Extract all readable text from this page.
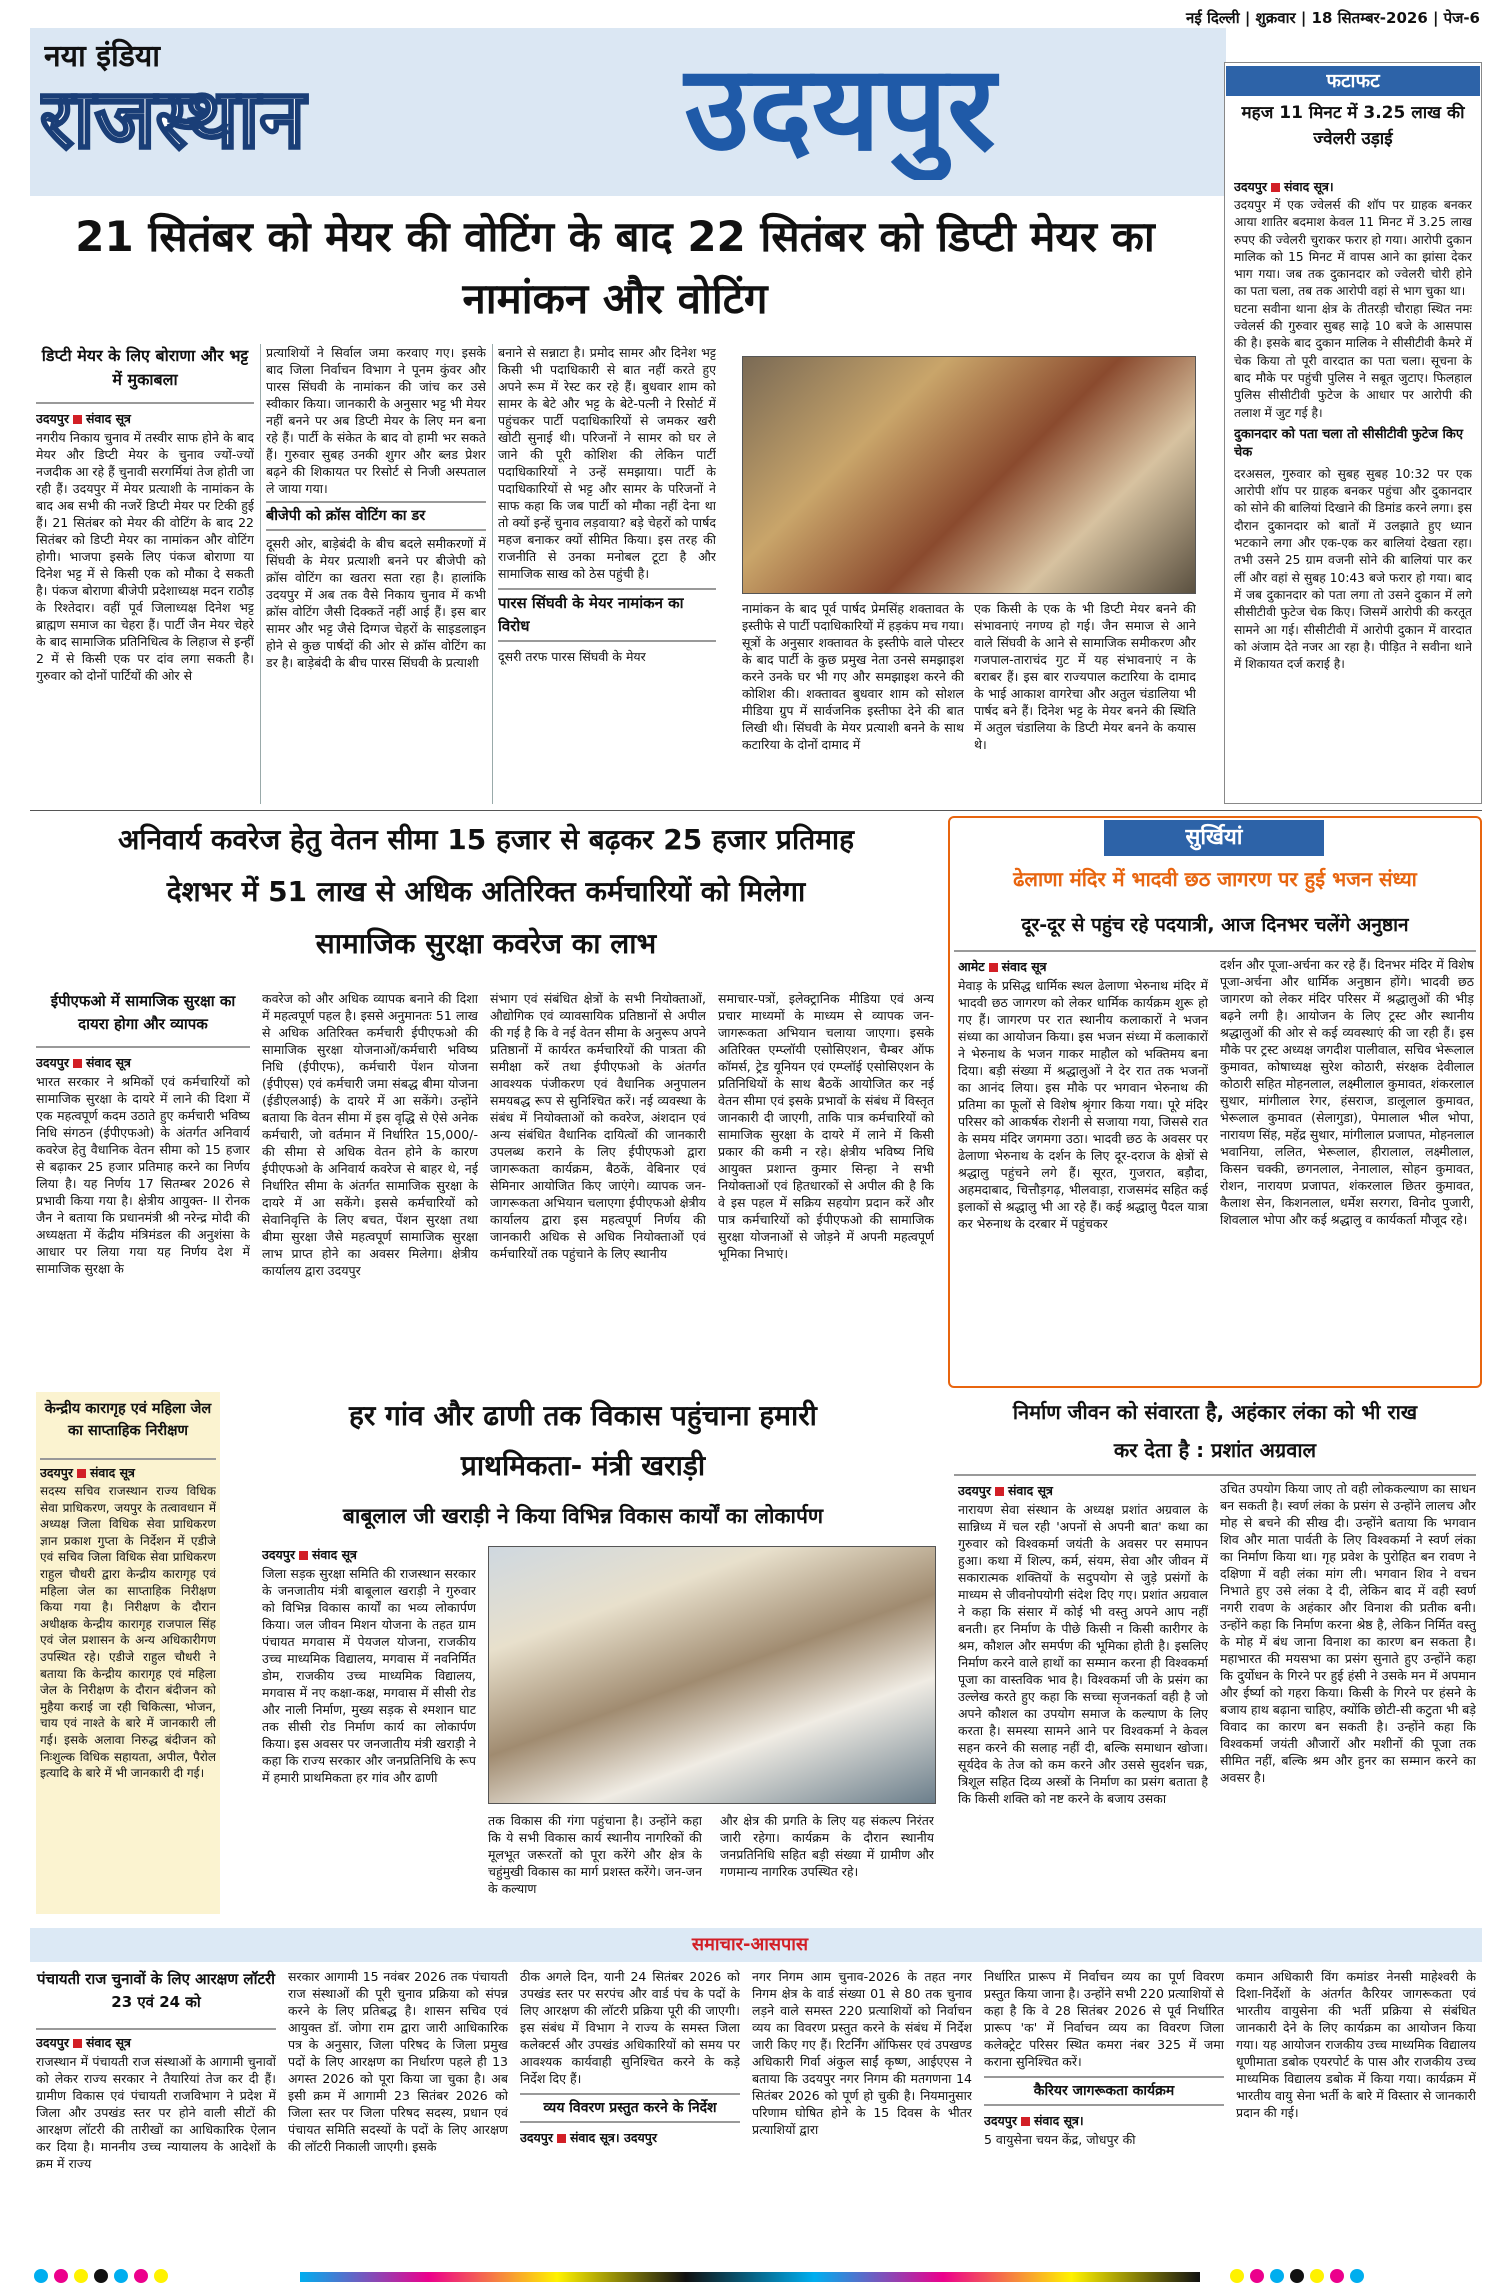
नई दिल्ली | शुक्रवार | 18 सितम्बर-2026 | पेज-6
नया इंडिया
राजस्थान	उदयपुर	फटाफट
महज 11 मिनट में 3.25 लाख की ज्वेलरी उड़ाई
उदयपुर संवाद सूत्र।
उदयपुर में एक ज्वेलर्स की शॉप पर ग्राहक बनकर आया शातिर बदमाश केवल 11 मिनट में 3.25 लाख रुपए की ज्वेलरी चुराकर फरार हो गया। आरोपी दुकान मालिक को 15 मिनट में वापस आने का झांसा देकर भाग गया। जब तक दुकानदार को ज्वेलरी चोरी होने का पता चला, तब तक आरोपी वहां से भाग चुका था।
घटना सवीना थाना क्षेत्र के तीतरड़ी चौराहा स्थित नमः ज्वेलर्स की गुरुवार सुबह साढ़े 10 बजे के आसपास की है। इसके बाद दुकान मालिक ने सीसीटीवी कैमरे में चेक किया तो पूरी वारदात का पता चला। सूचना के बाद मौके पर पहुंची पुलिस ने सबूत जुटाए। फिलहाल पुलिस सीसीटीवी फुटेज के आधार पर आरोपी की तलाश में जुट गई है।
दुकानदार को पता चला तो सीसीटीवी फुटेज किए चेक
दरअसल, गुरुवार को सुबह सुबह 10:32 पर एक आरोपी शॉप पर ग्राहक बनकर पहुंचा और दुकानदार को सोने की बालियां दिखाने की डिमांड करने लगा। इस दौरान दुकानदार को बातों में उलझाते हुए ध्यान भटकाने लगा और एक-एक कर बालियां देखता रहा। तभी उसने 25 ग्राम वजनी सोने की बालियां पार कर लीं और वहां से सुबह 10:43 बजे फरार हो गया। बाद में जब दुकानदार को पता लगा तो उसने दुकान में लगे सीसीटीवी फुटेज चेक किए। जिसमें आरोपी की करतूत सामने आ गई। सीसीटीवी में आरोपी दुकान में वारदात को अंजाम देते नजर आ रहा है। पीड़ित ने सवीना थाने में शिकायत दर्ज कराई है।
21 सितंबर को मेयर की वोटिंग के बाद 22 सितंबर को डिप्टी मेयर का नामांकन और वोटिंग
डिप्टी मेयर के लिए बोराणा और भट्ट में मुकाबला
उदयपुर संवाद सूत्र
नगरीय निकाय चुनाव में तस्वीर साफ होने के बाद मेयर और डिप्टी मेयर के चुनाव ज्यों-ज्यों नजदीक आ रहे हैं चुनावी सरगर्मियां तेज होती जा रही हैं। उदयपुर में मेयर प्रत्याशी के नामांकन के बाद अब सभी की नजरें डिप्टी मेयर पर टिकी हुई हैं। 21 सितंबर को मेयर की वोटिंग के बाद 22 सितंबर को डिप्टी मेयर का नामांकन और वोटिंग होगी। भाजपा इसके लिए पंकज बोराणा या दिनेश भट्ट में से किसी एक को मौका दे सकती है। पंकज बोराणा बीजेपी प्रदेशाध्यक्ष मदन राठौड़ के रिश्तेदार। वहीं पूर्व जिलाध्यक्ष दिनेश भट्ट ब्राह्मण समाज का चेहरा हैं। पार्टी जैन मेयर चेहरे के बाद सामाजिक प्रतिनिधित्व के लिहाज से इन्हीं 2 में से किसी एक पर दांव लगा सकती है। गुरुवार को दोनों पार्टियों की ओर से
प्रत्याशियों ने सिर्वाल जमा करवाए गए। इसके बाद जिला निर्वाचन विभाग ने पूनम कुंवर और पारस सिंघवी के नामांकन की जांच कर उसे स्वीकार किया। जानकारी के अनुसार भट्ट भी मेयर नहीं बनने पर अब डिप्टी मेयर के लिए मन बना रहे हैं। पार्टी के संकेत के बाद वो हामी भर सकते हैं। गुरुवार सुबह उनकी शुगर और ब्लड प्रेशर बढ़ने की शिकायत पर रिसोर्ट से निजी अस्पताल ले जाया गया।
बीजेपी को क्रॉस वोटिंग का डर
दूसरी ओर, बाड़ेबंदी के बीच बदले समीकरणों में सिंघवी के मेयर प्रत्याशी बनने पर बीजेपी को क्रॉस वोटिंग का खतरा सता रहा है। हालांकि उदयपुर में अब तक वैसे निकाय चुनाव में कभी क्रॉस वोटिंग जैसी दिक्कतें नहीं आई हैं। इस बार सामर और भट्ट जैसे दिग्गज चेहरों के साइडलाइन होने से कुछ पार्षदों की ओर से क्रॉस वोटिंग का डर है। बाड़ेबंदी के बीच पारस सिंघवी के प्रत्याशी
बनाने से सन्नाटा है। प्रमोद सामर और दिनेश भट्ट किसी भी पदाधिकारी से बात नहीं करते हुए अपने रूम में रेस्ट कर रहे हैं। बुधवार शाम को सामर के बेटे और भट्ट के बेटे-पत्नी ने रिसोर्ट में पहुंचकर पार्टी पदाधिकारियों से जमकर खरी खोटी सुनाई थी। परिजनों ने सामर को घर ले जाने की पूरी कोशिश की लेकिन पार्टी पदाधिकारियों ने उन्हें समझाया। पार्टी के पदाधिकारियों से भट्ट और सामर के परिजनों ने साफ कहा कि जब पार्टी को मौका नहीं देना था तो क्यों इन्हें चुनाव लड़वाया? बड़े चेहरों को पार्षद महज बनाकर क्यों सीमित किया। इस तरह की राजनीति से उनका मनोबल टूटा है और सामाजिक साख को ठेस पहुंची है।
पारस सिंघवी के मेयर नामांकन का विरोध
दूसरी तरफ पारस सिंघवी के मेयर
नामांकन के बाद पूर्व पार्षद प्रेमसिंह शक्तावत के इस्तीफे से पार्टी पदाधिकारियों में हड़कंप मच गया। सूत्रों के अनुसार शक्तावत के इस्तीफे वाले पोस्टर के बाद पार्टी के कुछ प्रमुख नेता उनसे समझाइश करने उनके घर भी गए और समझाइश करने की कोशिश की। शक्तावत बुधवार शाम को सोशल मीडिया ग्रुप में सार्वजनिक इस्तीफा देने की बात लिखी थी। सिंघवी के मेयर प्रत्याशी बनने के साथ कटारिया के दोनों दामाद में
एक किसी के एक के भी डिप्टी मेयर बनने की संभावनाएं नगण्य हो गई। जैन समाज से आने वाले सिंघवी के आने से सामाजिक समीकरण और गजपाल-ताराचंद गुट में यह संभावनाएं न के बराबर हैं। इस बार राज्यपाल कटारिया के दामाद के भाई आकाश वागरेचा और अतुल चंडालिया भी पार्षद बने हैं। दिनेश भट्ट के मेयर बनने की स्थिति में अतुल चंडालिया के डिप्टी मेयर बनने के कयास थे।
अनिवार्य कवरेज हेतु वेतन सीमा 15 हजार से बढ़कर 25 हजार प्रतिमाह
देशभर में 51 लाख से अधिक अतिरिक्त कर्मचारियों को मिलेगा
सामाजिक सुरक्षा कवरेज का लाभ
ईपीएफओ में सामाजिक सुरक्षा का दायरा होगा और व्यापक
उदयपुर संवाद सूत्र
भारत सरकार ने श्रमिकों एवं कर्मचारियों को सामाजिक सुरक्षा के दायरे में लाने की दिशा में एक महत्वपूर्ण कदम उठाते हुए कर्मचारी भविष्य निधि संगठन (ईपीएफओ) के अंतर्गत अनिवार्य कवरेज हेतु वैधानिक वेतन सीमा को 15 हजार से बढ़ाकर 25 हजार प्रतिमाह करने का निर्णय लिया है। यह निर्णय 17 सितम्बर 2026 से प्रभावी किया गया है। क्षेत्रीय आयुक्त- II रोनक जैन ने बताया कि प्रधानमंत्री श्री नरेन्द्र मोदी की अध्यक्षता में केंद्रीय मंत्रिमंडल की अनुशंसा के आधार पर लिया गया यह निर्णय देश में सामाजिक सुरक्षा के
कवरेज को और अधिक व्यापक बनाने की दिशा में महत्वपूर्ण पहल है। इससे अनुमानतः 51 लाख से अधिक अतिरिक्त कर्मचारी ईपीएफओ की सामाजिक सुरक्षा योजनाओं/कर्मचारी भविष्य निधि (ईपीएफ), कर्मचारी पेंशन योजना (ईपीएस) एवं कर्मचारी जमा संबद्ध बीमा योजना (ईडीएलआई) के दायरे में आ सकेंगे। उन्होंने बताया कि वेतन सीमा में इस वृद्धि से ऐसे अनेक कर्मचारी, जो वर्तमान में निर्धारित 15,000/- की सीमा से अधिक वेतन होने के कारण ईपीएफओ के अनिवार्य कवरेज से बाहर थे, नई निर्धारित सीमा के अंतर्गत सामाजिक सुरक्षा के दायरे में आ सकेंगे। इससे कर्मचारियों को सेवानिवृत्ति के लिए बचत, पेंशन सुरक्षा तथा बीमा सुरक्षा जैसे महत्वपूर्ण सामाजिक सुरक्षा लाभ प्राप्त होने का अवसर मिलेगा। क्षेत्रीय कार्यालय द्वारा उदयपुर
संभाग एवं संबंधित क्षेत्रों के सभी नियोक्ताओं, औद्योगिक एवं व्यावसायिक प्रतिष्ठानों से अपील की गई है कि वे नई वेतन सीमा के अनुरूप अपने प्रतिष्ठानों में कार्यरत कर्मचारियों की पात्रता की समीक्षा करें तथा ईपीएफओ के अंतर्गत आवश्यक पंजीकरण एवं वैधानिक अनुपालन समयबद्ध रूप से सुनिश्चित करें। नई व्यवस्था के संबंध में नियोक्ताओं को कवरेज, अंशदान एवं अन्य संबंधित वैधानिक दायित्वों की जानकारी उपलब्ध कराने के लिए ईपीएफओ द्वारा जागरूकता कार्यक्रम, बैठकें, वेबिनार एवं सेमिनार आयोजित किए जाएंगे। व्यापक जन-जागरूकता अभियान चलाएगा ईपीएफओ क्षेत्रीय कार्यालय द्वारा इस महत्वपूर्ण निर्णय की जानकारी अधिक से अधिक नियोक्ताओं एवं कर्मचारियों तक पहुंचाने के लिए स्थानीय
समाचार-पत्रों, इलेक्ट्रानिक मीडिया एवं अन्य प्रचार माध्यमों के माध्यम से व्यापक जन-जागरूकता अभियान चलाया जाएगा। इसके अतिरिक्त एम्प्लॉयी एसोसिएशन, चैम्बर ऑफ कॉमर्स, ट्रेड यूनियन एवं एम्प्लॉई एसोसिएशन के प्रतिनिधियों के साथ बैठकें आयोजित कर नई वेतन सीमा एवं इसके प्रभावों के संबंध में विस्तृत जानकारी दी जाएगी, ताकि पात्र कर्मचारियों को सामाजिक सुरक्षा के दायरे में लाने में किसी प्रकार की कमी न रहे। क्षेत्रीय भविष्य निधि आयुक्त प्रशान्त कुमार सिन्हा ने सभी नियोक्ताओं एवं हितधारकों से अपील की है कि वे इस पहल में सक्रिय सहयोग प्रदान करें और पात्र कर्मचारियों को ईपीएफओ की सामाजिक सुरक्षा योजनाओं से जोड़ने में अपनी महत्वपूर्ण भूमिका निभाएं।
सुर्खियां
ढेलाणा मंदिर में भादवी छठ जागरण पर हुई भजन संध्या
दूर-दूर से पहुंच रहे पदयात्री, आज दिनभर चलेंगे अनुष्ठान
आमेट संवाद सूत्र
मेवाड़ के प्रसिद्ध धार्मिक स्थल ढेलाणा भेरुनाथ मंदिर में भादवी छठ जागरण को लेकर धार्मिक कार्यक्रम शुरू हो गए हैं। जागरण पर रात स्थानीय कलाकारों ने भजन संध्या का आयोजन किया। इस भजन संध्या में कलाकारों ने भेरुनाथ के भजन गाकर माहौल को भक्तिमय बना दिया। बड़ी संख्या में श्रद्धालुओं ने देर रात तक भजनों का आनंद लिया। इस मौके पर भगवान भेरुनाथ की प्रतिमा का फूलों से विशेष श्रृंगार किया गया। पूरे मंदिर परिसर को आकर्षक रोशनी से सजाया गया, जिससे रात के समय मंदिर जगमगा उठा। भादवी छठ के अवसर पर ढेलाणा भेरुनाथ के दर्शन के लिए दूर-दराज के क्षेत्रों से श्रद्धालु पहुंचने लगे हैं। सूरत, गुजरात, बड़ौदा, अहमदाबाद, चित्तौड़गढ़, भीलवाड़ा, राजसमंद सहित कई इलाकों से श्रद्धालु भी आ रहे हैं। कई श्रद्धालु पैदल यात्रा कर भेरुनाथ के दरबार में पहुंचकर
दर्शन और पूजा-अर्चना कर रहे हैं। दिनभर मंदिर में विशेष पूजा-अर्चना और धार्मिक अनुष्ठान होंगे। भादवी छठ जागरण को लेकर मंदिर परिसर में श्रद्धालुओं की भीड़ बढ़ने लगी है। आयोजन के लिए ट्रस्ट और स्थानीय श्रद्धालुओं की ओर से कई व्यवस्थाएं की जा रही हैं। इस मौके पर ट्रस्ट अध्यक्ष जगदीश पालीवाल, सचिव भेरूलाल कुमावत, कोषाध्यक्ष सुरेश कोठारी, संरक्षक देवीलाल कोठारी सहित मोहनलाल, लक्ष्मीलाल कुमावत, शंकरलाल सुथार, मांगीलाल रेगर, हंसराज, डालूलाल कुमावत, भेरूलाल कुमावत (सेलागुडा), पेमालाल भील भोपा, नारायण सिंह, महेंद्र सुथार, मांगीलाल प्रजापत, मोहनलाल भवानिया, ललित, भेरूलाल, हीरालाल, लक्ष्मीलाल, किसन चक्की, छगनलाल, नेनालाल, सोहन कुमावत, रोशन, नारायण प्रजापत, शंकरलाल छितर कुमावत, कैलाश सेन, किशनलाल, धर्मेश सरगरा, विनोद पुजारी, शिवलाल भोपा और कई श्रद्धालु व कार्यकर्ता मौजूद रहे।
केन्द्रीय कारागृह एवं महिला जेल का साप्ताहिक निरीक्षण
उदयपुर संवाद सूत्र
सदस्य सचिव राजस्थान राज्य विधिक सेवा प्राधिकरण, जयपुर के तत्वावधान में अध्यक्ष जिला विधिक सेवा प्राधिकरण ज्ञान प्रकाश गुप्ता के निर्देशन में एडीजे एवं सचिव जिला विधिक सेवा प्राधिकरण राहुल चौधरी द्वारा केन्द्रीय कारागृह एवं महिला जेल का साप्ताहिक निरीक्षण किया गया है। निरीक्षण के दौरान अधीक्षक केन्द्रीय कारागृह राजपाल सिंह एवं जेल प्रशासन के अन्य अधिकारीगण उपस्थित रहे। एडीजे राहुल चौधरी ने बताया कि केन्द्रीय कारागृह एवं महिला जेल के निरीक्षण के दौरान बंदीजन को मुहैया कराई जा रही चिकित्सा, भोजन, चाय एवं नाश्ते के बारे में जानकारी ली गई। इसके अलावा निरुद्ध बंदीजन को निःशुल्क विधिक सहायता, अपील, पैरोल इत्यादि के बारे में भी जानकारी दी गई।
हर गांव और ढाणी तक विकास पहुंचाना हमारी
प्राथमिकता- मंत्री खराड़ी
बाबूलाल जी खराड़ी ने किया विभिन्न विकास कार्यों का लोकार्पण
उदयपुर संवाद सूत्र
जिला सड़क सुरक्षा समिति की राजस्थान सरकार के जनजातीय मंत्री बाबूलाल खराड़ी ने गुरुवार को विभिन्न विकास कार्यों का भव्य लोकार्पण किया। जल जीवन मिशन योजना के तहत ग्राम पंचायत मगवास में पेयजल योजना, राजकीय उच्च माध्यमिक विद्यालय, मगवास में नवनिर्मित डोम, राजकीय उच्च माध्यमिक विद्यालय, मगवास में नए कक्षा-कक्ष, मगवास में सीसी रोड और नाली निर्माण, मुख्य सड़क से श्मशान घाट तक सीसी रोड निर्माण कार्य का लोकार्पण किया। इस अवसर पर जनजातीय मंत्री खराड़ी ने कहा कि राज्य सरकार और जनप्रतिनिधि के रूप में हमारी प्राथमिकता हर गांव और ढाणी
तक विकास की गंगा पहुंचाना है। उन्होंने कहा कि ये सभी विकास कार्य स्थानीय नागरिकों की मूलभूत जरूरतों को पूरा करेंगे और क्षेत्र के चहुंमुखी विकास का मार्ग प्रशस्त करेंगे। जन-जन के कल्याण
और क्षेत्र की प्रगति के लिए यह संकल्प निरंतर जारी रहेगा। कार्यक्रम के दौरान स्थानीय जनप्रतिनिधि सहित बड़ी संख्या में ग्रामीण और गणमान्य नागरिक उपस्थित रहे।
निर्माण जीवन को संवारता है, अहंकार लंका को भी राख
कर देता है : प्रशांत अग्रवाल
उदयपुर संवाद सूत्र
नारायण सेवा संस्थान के अध्यक्ष प्रशांत अग्रवाल के सान्निध्य में चल रही 'अपनों से अपनी बात' कथा का गुरुवार को विश्वकर्मा जयंती के अवसर पर समापन हुआ। कथा में शिल्प, कर्म, संयम, सेवा और जीवन में सकारात्मक शक्तियों के सदुपयोग से जुड़े प्रसंगों के माध्यम से जीवनोपयोगी संदेश दिए गए। प्रशांत अग्रवाल ने कहा कि संसार में कोई भी वस्तु अपने आप नहीं बनती। हर निर्माण के पीछे किसी न किसी कारीगर के श्रम, कौशल और समर्पण की भूमिका होती है। इसलिए निर्माण करने वाले हाथों का सम्मान करना ही विश्वकर्मा पूजा का वास्तविक भाव है। विश्वकर्मा जी के प्रसंग का उल्लेख करते हुए कहा कि सच्चा सृजनकर्ता वही है जो अपने कौशल का उपयोग समाज के कल्याण के लिए करता है। समस्या सामने आने पर विश्वकर्मा ने केवल सहन करने की सलाह नहीं दी, बल्कि समाधान खोजा। सूर्यदेव के तेज को कम करने और उससे सुदर्शन चक्र, त्रिशूल सहित दिव्य अस्त्रों के निर्माण का प्रसंग बताता है कि किसी शक्ति को नष्ट करने के बजाय उसका
उचित उपयोग किया जाए तो वही लोककल्याण का साधन बन सकती है। स्वर्ण लंका के प्रसंग से उन्होंने लालच और मोह से बचने की सीख दी। उन्होंने बताया कि भगवान शिव और माता पार्वती के लिए विश्वकर्मा ने स्वर्ण लंका का निर्माण किया था। गृह प्रवेश के पुरोहित बन रावण ने दक्षिणा में वही लंका मांग ली। भगवान शिव ने वचन निभाते हुए उसे लंका दे दी, लेकिन बाद में वही स्वर्ण नगरी रावण के अहंकार और विनाश की प्रतीक बनी। उन्होंने कहा कि निर्माण करना श्रेष्ठ है, लेकिन निर्मित वस्तु के मोह में बंध जाना विनाश का कारण बन सकता है। महाभारत की मयसभा का प्रसंग सुनाते हुए उन्होंने कहा कि दुर्योधन के गिरने पर हुई हंसी ने उसके मन में अपमान और ईर्ष्या को गहरा किया। किसी के गिरने पर हंसने के बजाय हाथ बढ़ाना चाहिए, क्योंकि छोटी-सी कटुता भी बड़े विवाद का कारण बन सकती है। उन्होंने कहा कि विश्वकर्मा जयंती औजारों और मशीनों की पूजा तक सीमित नहीं, बल्कि श्रम और हुनर का सम्मान करने का अवसर है।
समाचार-आसपास
पंचायती राज चुनावों के लिए आरक्षण लॉटरी 23 एवं 24 को
उदयपुर संवाद सूत्र
राजस्थान में पंचायती राज संस्थाओं के आगामी चुनावों को लेकर राज्य सरकार ने तैयारियां तेज कर दी हैं। ग्रामीण विकास एवं पंचायती राजविभाग ने प्रदेश में जिला और उपखंड स्तर पर होने वाली सीटों की आरक्षण लॉटरी की तारीखों का आधिकारिक ऐलान कर दिया है। माननीय उच्च न्यायालय के आदेशों के क्रम में राज्य
सरकार आगामी 15 नवंबर 2026 तक पंचायती राज संस्थाओं की पूरी चुनाव प्रक्रिया को संपन्न करने के लिए प्रतिबद्ध है। शासन सचिव एवं आयुक्त डॉ. जोगा राम द्वारा जारी आधिकारिक पत्र के अनुसार, जिला परिषद के जिला प्रमुख पदों के लिए आरक्षण का निर्धारण पहले ही 13 अगस्त 2026 को पूरा किया जा चुका है। अब इसी क्रम में आगामी 23 सितंबर 2026 को जिला स्तर पर जिला परिषद सदस्य, प्रधान एवं पंचायत समिति सदस्यों के पदों के लिए आरक्षण की लॉटरी निकाली जाएगी। इसके
ठीक अगले दिन, यानी 24 सितंबर 2026 को उपखंड स्तर पर सरपंच और वार्ड पंच के पदों के लिए आरक्षण की लॉटरी प्रक्रिया पूरी की जाएगी। इस संबंध में विभाग ने राज्य के समस्त जिला कलेक्टर्स और उपखंड अधिकारियों को समय पर आवश्यक कार्यवाही सुनिश्चित करने के कड़े निर्देश दिए हैं।
व्यय विवरण प्रस्तुत करने के निर्देश
उदयपुर संवाद सूत्र। उदयपुर
नगर निगम आम चुनाव-2026 के तहत नगर निगम क्षेत्र के वार्ड संख्या 01 से 80 तक चुनाव लड़ने वाले समस्त 220 प्रत्याशियों को निर्वाचन व्यय का विवरण प्रस्तुत करने के संबंध में निर्देश जारी किए गए हैं। रिटर्निंग ऑफिसर एवं उपखण्ड अधिकारी गिर्वा अंकुल साईं कृष्ण, आईएएस ने बताया कि उदयपुर नगर निगम की मतगणना 14 सितंबर 2026 को पूर्ण हो चुकी है। नियमानुसार परिणाम घोषित होने के 15 दिवस के भीतर प्रत्याशियों द्वारा
निर्धारित प्रारूप में निर्वाचन व्यय का पूर्ण विवरण प्रस्तुत किया जाना है। उन्होंने सभी 220 प्रत्याशियों से कहा है कि वे 28 सितंबर 2026 से पूर्व निर्धारित प्रारूप 'क' में निर्वाचन व्यय का विवरण जिला कलेक्ट्रेट परिसर स्थित कमरा नंबर 325 में जमा कराना सुनिश्चित करें।
कैरियर जागरूकता कार्यक्रम
उदयपुर संवाद सूत्र।
5 वायुसेना चयन केंद्र, जोधपुर की
कमान अधिकारी विंग कमांडर नेनसी माहेश्वरी के दिशा-निर्देशों के अंतर्गत कैरियर जागरूकता एवं भारतीय वायुसेना की भर्ती प्रक्रिया से संबंधित जानकारी देने के लिए कार्यक्रम का आयोजन किया गया। यह आयोजन राजकीय उच्च माध्यमिक विद्यालय धूणीमाता डबोक एयरपोर्ट के पास और राजकीय उच्च माध्यमिक विद्यालय डबोक में किया गया। कार्यक्रम में भारतीय वायु सेना भर्ती के बारे में विस्तार से जानकारी प्रदान की गई।
